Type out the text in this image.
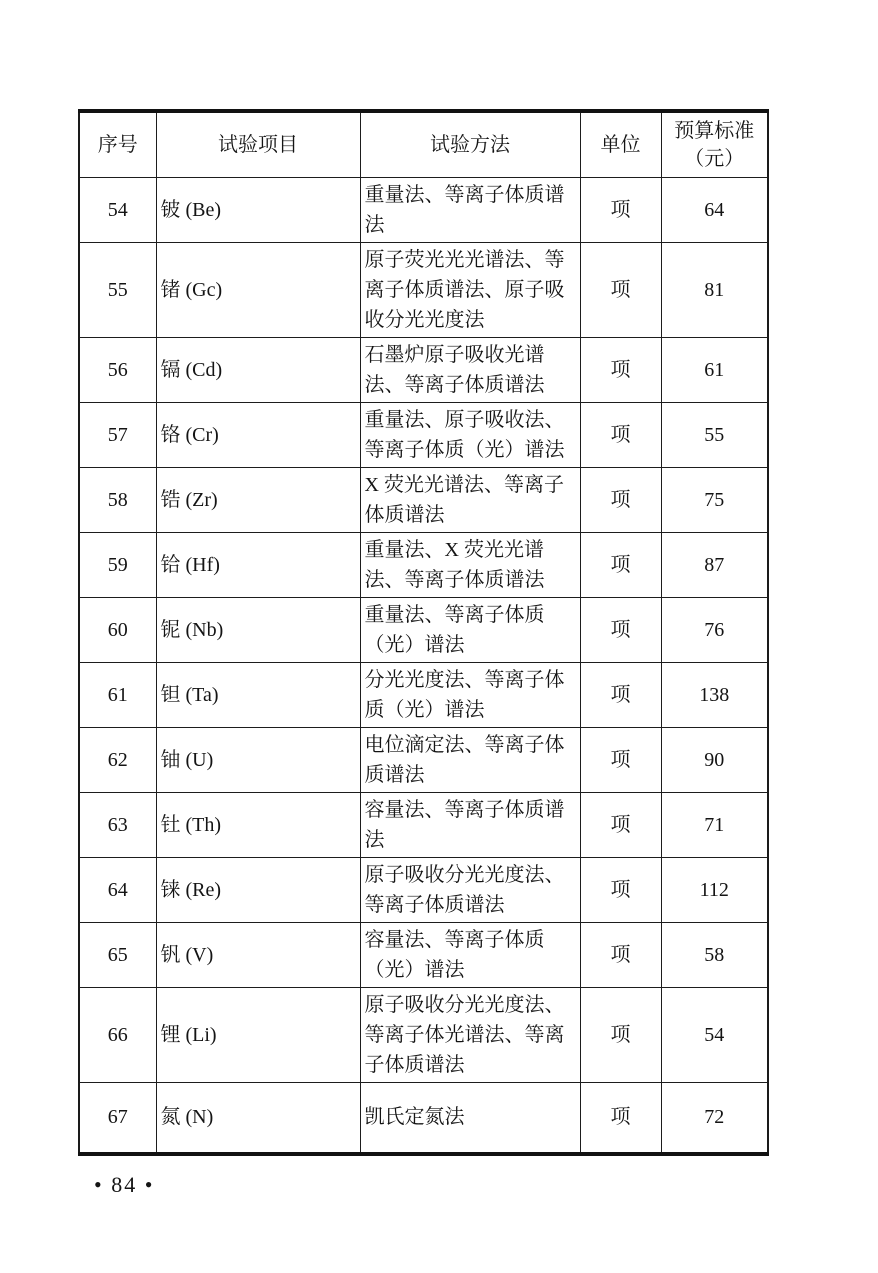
序号	试验项目	试验方法	单位	预算标准
（元）

54	铍 (Be)	重量法、等离子体质谱法	项	64
55	锗 (Gc)	原子荧光光光谱法、等离子体质谱法、原子吸收分光光度法	项	81
56	镉 (Cd)	石墨炉原子吸收光谱法、等离子体质谱法	项	61
57	铬 (Cr)	重量法、原子吸收法、等离子体质（光）谱法	项	55
58	锆 (Zr)	X 荧光光谱法、等离子体质谱法	项	75
59	铪 (Hf)	重量法、X 荧光光谱法、等离子体质谱法	项	87
60	铌 (Nb)	重量法、等离子体质（光）谱法	项	76
61	钽 (Ta)	分光光度法、等离子体质（光）谱法	项	138
62	铀 (U)	电位滴定法、等离子体质谱法	项	90
63	钍 (Th)	容量法、等离子体质谱法	项	71
64	铼 (Re)	原子吸收分光光度法、等离子体质谱法	项	112
65	钒 (V)	容量法、等离子体质（光）谱法	项	58
66	锂 (Li)	原子吸收分光光度法、等离子体光谱法、等离子体质谱法	项	54
67	氮 (N)	凯氏定氮法	项	72
• 84 •
